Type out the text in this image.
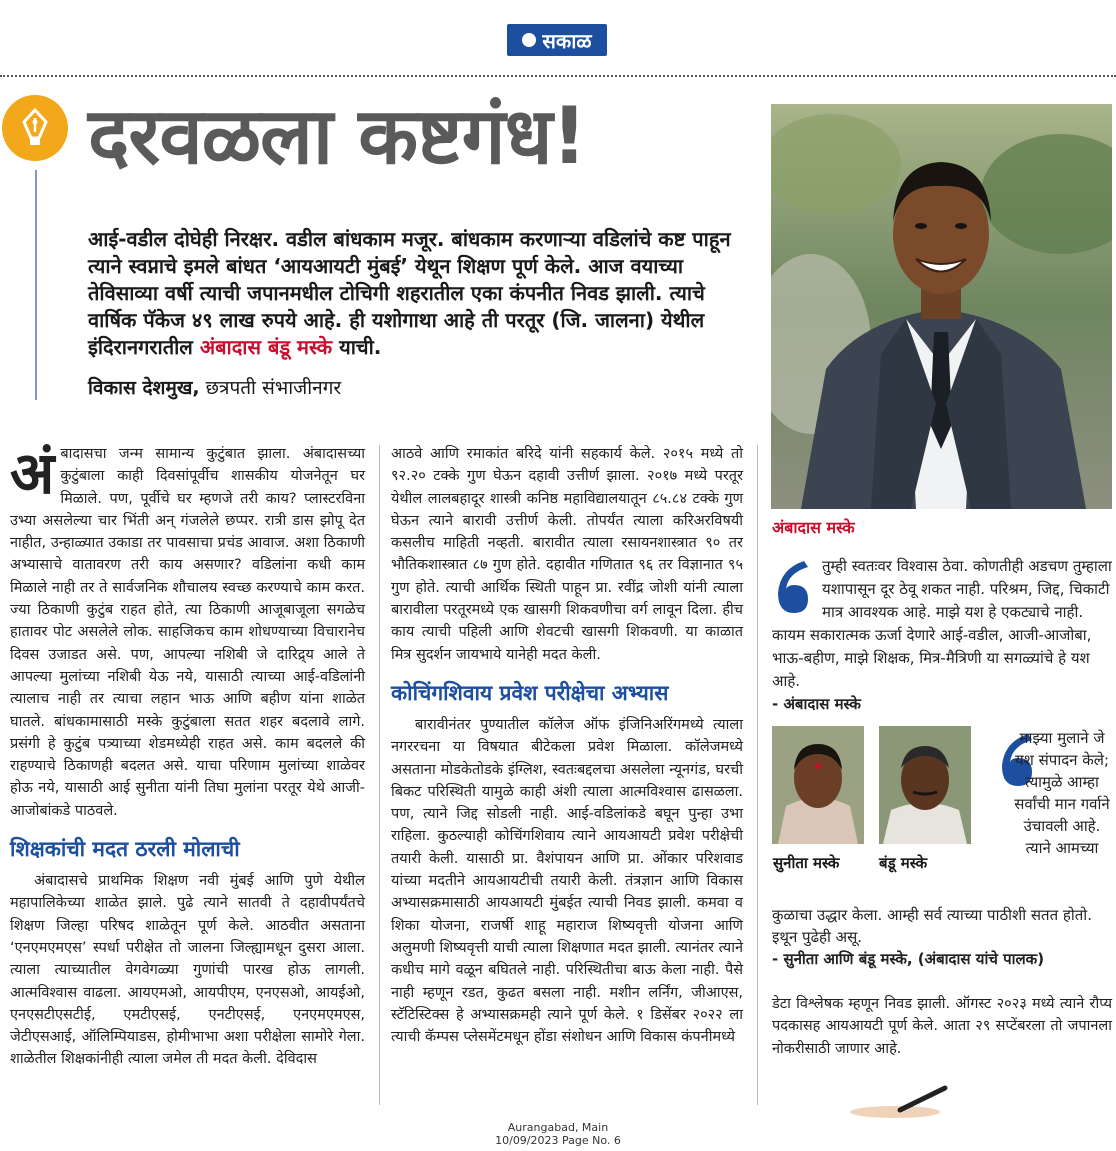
सकाळ
दरवळला कष्टगंध!
आई-वडील दोघेही निरक्षर. वडील बांधकाम मजूर. बांधकाम करणाऱ्या वडिलांचे कष्ट पाहून त्याने स्वप्नाचे इमले बांधत ‘आयआयटी मुंबई’ येथून शिक्षण पूर्ण केले. आज वयाच्या तेविसाव्या वर्षी त्याची जपानमधील टोचिगी शहरातील एका कंपनीत निवड झाली. त्याचे वार्षिक पॅकेज ४९ लाख रुपये आहे. ही यशोगाथा आहे ती परतूर (जि. जालना) येथील इंदिरानगरातील अंबादास बंडू मस्के याची.
विकास देशमुख, छत्रपती संभाजीनगर

अंबादासचा जन्म सामान्य कुटुंबात झाला. अंबादासच्या कुटुंबाला काही दिवसांपूर्वीच शासकीय योजनेतून घर मिळाले. पण, पूर्वीचे घर म्हणजे तरी काय? प्लास्टरविना उभ्या असलेल्या चार भिंती अन् गंजलेले छप्पर. रात्री डास झोपू देत नाहीत, उन्हाळ्यात उकाडा तर पावसाचा प्रचंड आवाज. अशा ठिकाणी अभ्यासाचे वातावरण तरी काय असणार? वडिलांना कधी काम मिळाले नाही तर ते सार्वजनिक शौचालय स्वच्छ करण्याचे काम करत. ज्या ठिकाणी कुटुंब राहत होते, त्या ठिकाणी आजूबाजूला सगळेच हातावर पोट असलेले लोक. साहजिकच काम शोधण्याच्या विचारानेच दिवस उजाडत असे. पण, आपल्या नशिबी जे दारिद्र्य आले ते आपल्या मुलांच्या नशिबी येऊ नये, यासाठी त्याच्या आई-वडिलांनी त्यालाच नाही तर त्याचा लहान भाऊ आणि बहीण यांना शाळेत घातले. बांधकामासाठी मस्के कुटुंबाला सतत शहर बदलावे लागे. प्रसंगी हे कुटुंब पत्र्याच्या शेडमध्येही राहत असे. काम बदलले की राहण्याचे ठिकाणही बदलत असे. याचा परिणाम मुलांच्या शाळेवर होऊ नये, यासाठी आई सुनीता यांनी तिघा मुलांना परतूर येथे आजी-आजोबांकडे पाठवले.

शिक्षकांची मदत ठरली मोलाची

अंबादासचे प्राथमिक शिक्षण नवी मुंबई आणि पुणे येथील महापालिकेच्या शाळेत झाले. पुढे त्याने सातवी ते दहावीपर्यंतचे शिक्षण जिल्हा परिषद शाळेतून पूर्ण केले. आठवीत असताना ‘एनएमएमएस’ स्पर्धा परीक्षेत तो जालना जिल्ह्यामधून दुसरा आला. त्याला त्याच्यातील वेगवेगळ्या गुणांची पारख होऊ लागली. आत्मविश्वास वाढला. आयएमओ, आयपीएम, एनएसओ, आयईओ, एनएसटीएसटीई, एमटीएसई, एनटीएसई, एनएमएमएस, जेटीएसआई, ऑलिम्पियाडस, होमीभाभा अशा परीक्षेला सामोरे गेला. शाळेतील शिक्षकांनीही त्याला जमेल ती मदत केली. देविदास

आठवे आणि रमाकांत बरिदे यांनी सहकार्य केले. २०१५ मध्ये तो ९२.२० टक्के गुण घेऊन दहावी उत्तीर्ण झाला. २०१७ मध्ये परतूर येथील लालबहादूर शास्त्री कनिष्ठ महाविद्यालयातून ८५.८४ टक्के गुण घेऊन त्याने बारावी उत्तीर्ण केली. तोपर्यंत त्याला करिअरविषयी कसलीच माहिती नव्हती. बारावीत त्याला रसायनशास्त्रात ९० तर भौतिकशास्त्रात ८७ गुण होते. दहावीत गणितात ९६ तर विज्ञानात ९५ गुण होते. त्याची आर्थिक स्थिती पाहून प्रा. रवींद्र जोशी यांनी त्याला बारावीला परतूरमध्ये एक खासगी शिकवणीचा वर्ग लावून दिला. हीच काय त्याची पहिली आणि शेवटची खासगी शिकवणी. या काळात मित्र सुदर्शन जायभाये यानेही मदत केली.

कोचिंगशिवाय प्रवेश परीक्षेचा अभ्यास

बारावीनंतर पुण्यातील कॉलेज ऑफ इंजिनिअरिंगमध्ये त्याला नगररचना या विषयात बीटेकला प्रवेश मिळाला. कॉलेजमध्ये असताना मोडकेतोडके इंग्लिश, स्वतःबद्दलचा असलेला न्यूनगंड, घरची बिकट परिस्थिती यामुळे काही अंशी त्याला आत्मविश्वास ढासळला. पण, त्याने जिद्द सोडली नाही. आई-वडिलांकडे बघून पुन्हा उभा राहिला. कुठल्याही कोचिंगशिवाय त्याने आयआयटी प्रवेश परीक्षेची तयारी केली. यासाठी प्रा. वैशंपायन आणि प्रा. ओंकार परिशवाड यांच्या मदतीने आयआयटीची तयारी केली. तंत्रज्ञान आणि विकास अभ्यासक्रमासाठी आयआयटी मुंबईत त्याची निवड झाली. कमवा व शिका योजना, राजर्षी शाहू महाराज शिष्यवृत्ती योजना आणि अलुमणी शिष्यवृत्ती याची त्याला शिक्षणात मदत झाली. त्यानंतर त्याने कधीच मागे वळून बघितले नाही. परिस्थितीचा बाऊ केला नाही. पैसे नाही म्हणून रडत, कुढत बसला नाही. मशीन लर्निंग, जीआएस, स्टॅटिस्टिक्स हे अभ्यासक्रमही त्याने पूर्ण केले. १ डिसेंबर २०२२ ला त्याची कॅम्पस प्लेसमेंटमधून होंडा संशोधन आणि विकास कंपनीमध्ये

अंबादास मस्के
तुम्ही स्वतःवर विश्वास ठेवा. कोणतीही अडचण तुम्हाला यशापासून दूर ठेवू शकत नाही. परिश्रम, जिद्द, चिकाटी मात्र आवश्यक आहे. माझे यश हे एकट्याचे नाही. कायम सकारात्मक ऊर्जा देणारे आई-वडील, आजी-आजोबा, भाऊ-बहीण, माझे शिक्षक, मित्र-मैत्रिणी या सगळ्यांचे हे यश आहे.
- अंबादास मस्के
सुनीता मस्के	बंडू मस्के
माझ्या मुलाने जे यश संपादन केले; त्यामुळे आम्हा सर्वांची मान गर्वाने उंचावली आहे. त्याने आमच्या
कुळाचा उद्धार केला. आम्ही सर्व त्याच्या पाठीशी सतत होतो. इथून पुढेही असू.
- सुनीता आणि बंडू मस्के, (अंबादास यांचे पालक)
डेटा विश्लेषक म्हणून निवड झाली. ऑगस्ट २०२३ मध्ये त्याने रौप्य पदकासह आयआयटी पूर्ण केले. आता २९ सप्टेंबरला तो जपानला नोकरीसाठी जाणार आहे.
Aurangabad, Main
10/09/2023 Page No. 6
